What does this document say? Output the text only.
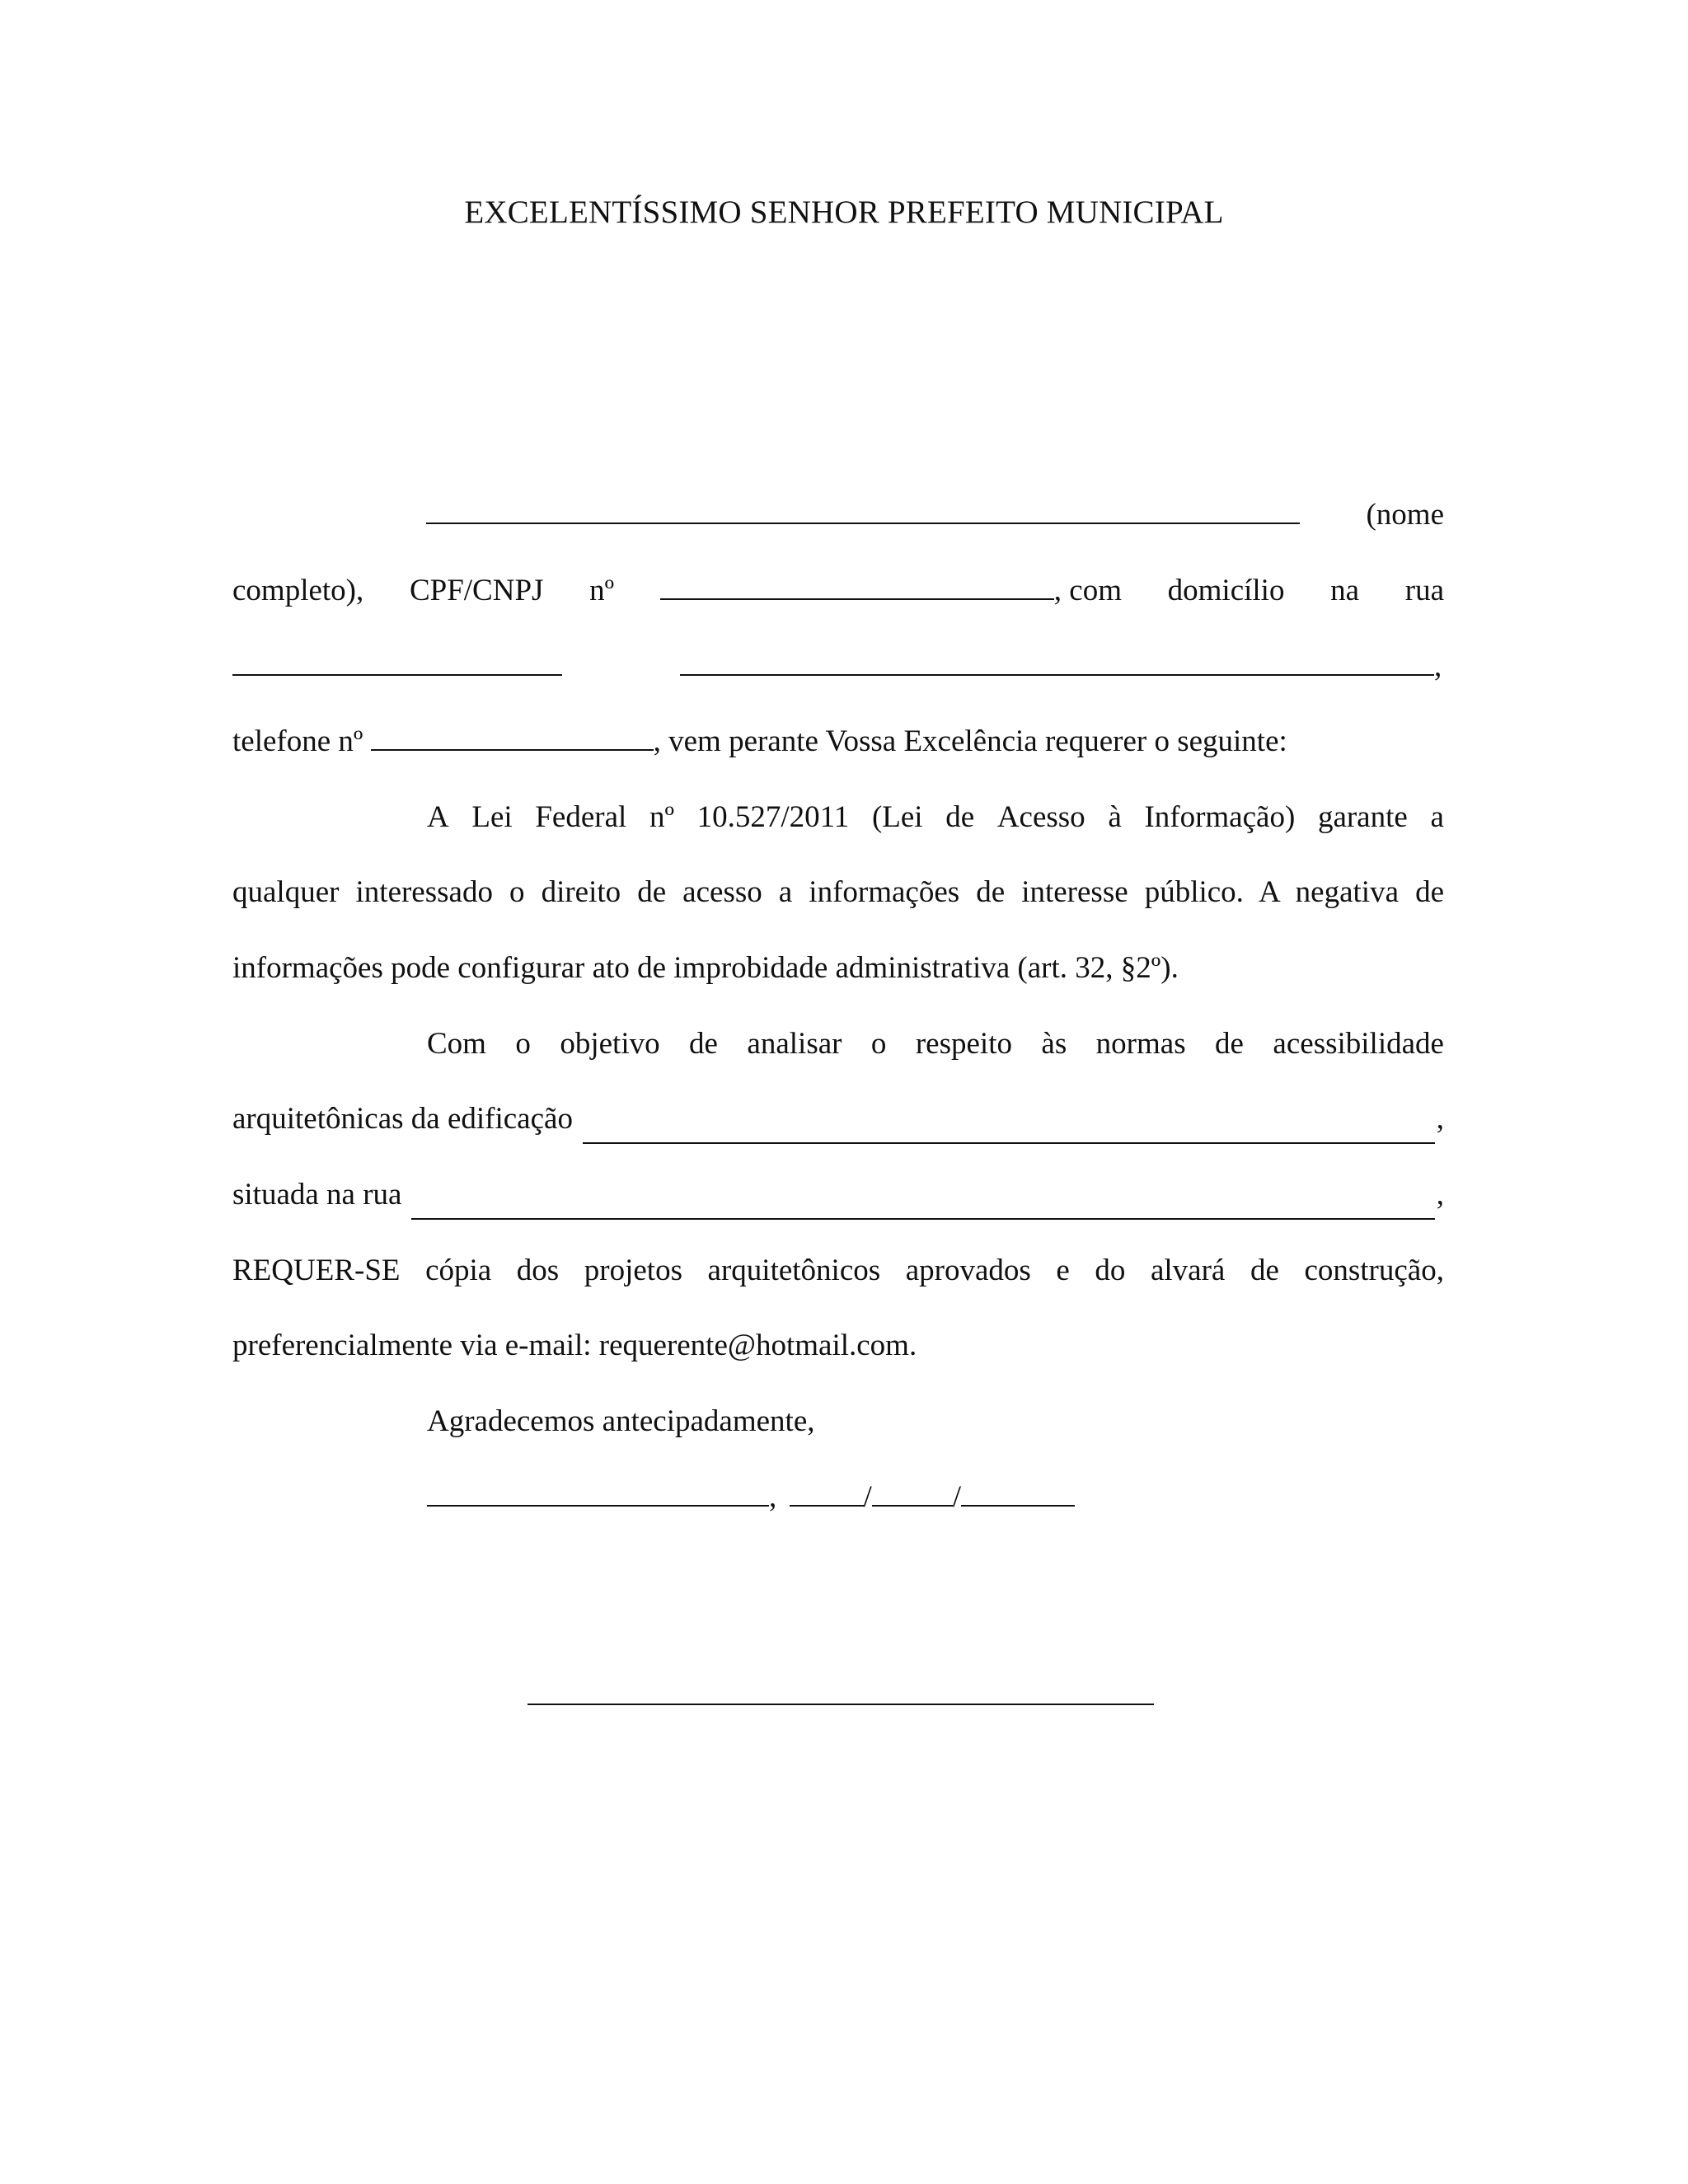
EXCELENTÍSSIMO SENHOR PREFEITO MUNICIPAL
(nome
completo), CPF/CNPJ nº	, com domicílio na rua
,
telefone nº	, vem perante Vossa Excelência requerer o seguinte:
A Lei Federal nº 10.527/2011 (Lei de Acesso à Informação) garante a
qualquer interessado o direito de acesso a informações de interesse público. A negativa de
informações pode configurar ato de improbidade administrativa (art. 32, §2º).
Com o objetivo de analisar o respeito às normas de acessibilidade
arquitetônicas da edificação	,
situada na rua	,
REQUER-SE cópia dos projetos arquitetônicos aprovados e do alvará de construção,
preferencialmente via e-mail: requerente@hotmail.com.
Agradecemos antecipadamente,
,	/	/
